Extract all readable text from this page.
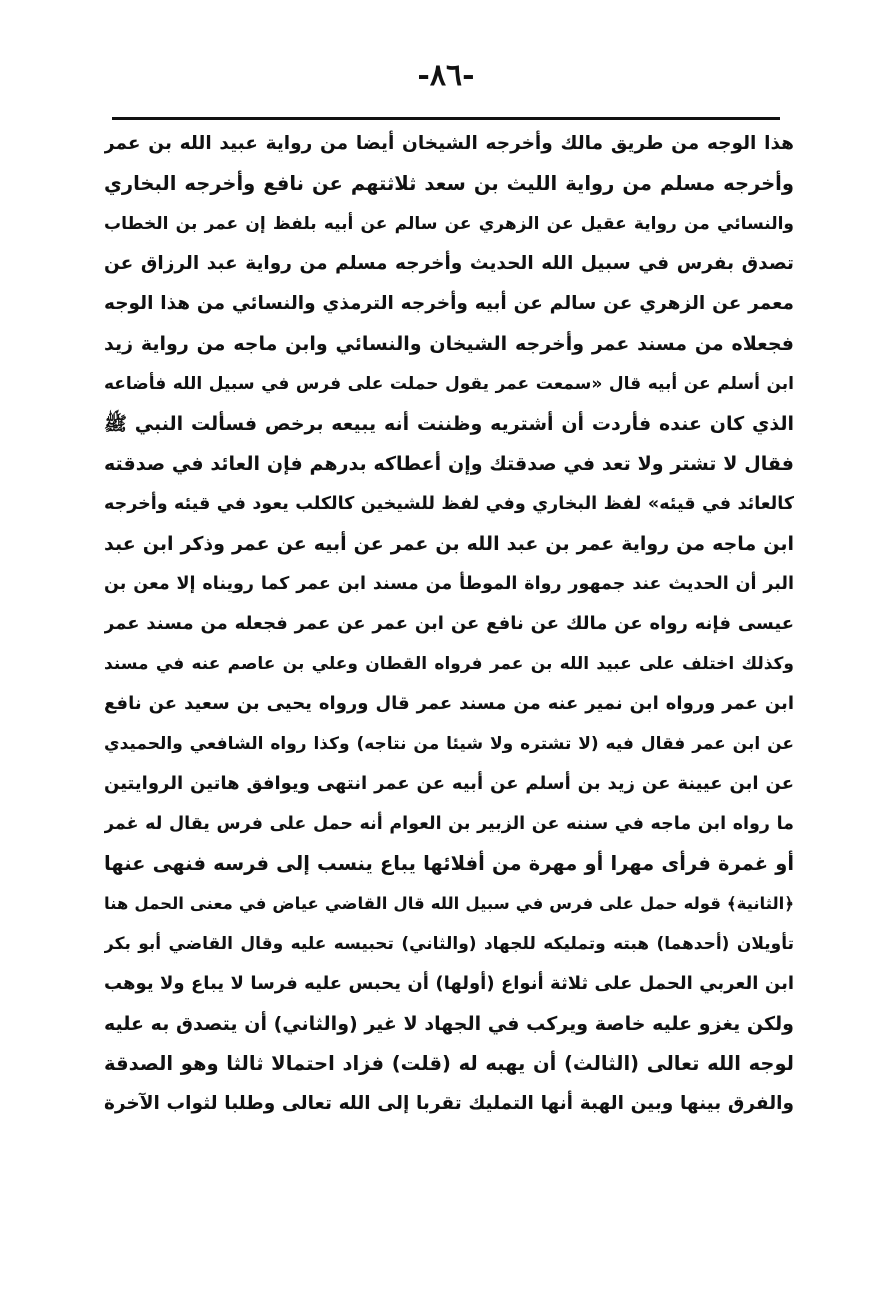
-٨٦-
هذا الوجه من طريق مالك وأخرجه الشيخان أيضا من رواية عبيد الله بن عمر
وأخرجه مسلم من رواية الليث بن سعد ثلاثتهم عن نافع وأخرجه البخاري
والنسائي من رواية عقيل عن الزهري عن سالم عن أبيه بلفظ إن عمر بن الخطاب
تصدق بفرس في سبيل الله الحديث وأخرجه مسلم من رواية عبد الرزاق عن
معمر عن الزهري عن سالم عن أبيه وأخرجه الترمذي والنسائي من هذا الوجه
فجعلاه من مسند عمر وأخرجه الشيخان والنسائي وابن ماجه من رواية زيد
ابن أسلم عن أبيه قال «سمعت عمر يقول حملت على فرس في سبيل الله فأضاعه
الذي كان عنده فأردت أن أشتريه وظننت أنه يبيعه برخص فسألت النبي ﷺ
فقال لا تشتر ولا تعد في صدقتك وإن أعطاكه بدرهم فإن العائد في صدقته
كالعائد في قيئه» لفظ البخاري وفي لفظ للشيخين كالكلب يعود في قيئه وأخرجه
ابن ماجه من رواية عمر بن عبد الله بن عمر عن أبيه عن عمر وذكر ابن عبد
البر أن الحديث عند جمهور رواة الموطأ من مسند ابن عمر كما رويناه إلا معن بن
عيسى فإنه رواه عن مالك عن نافع عن ابن عمر عن عمر فجعله من مسند عمر
وكذلك اختلف على عبيد الله بن عمر فرواه القطان وعلي بن عاصم عنه في مسند
ابن عمر ورواه ابن نمير عنه من مسند عمر قال ورواه يحيى بن سعيد عن نافع
عن ابن عمر فقال فيه (لا تشتره ولا شيئا من نتاجه) وكذا رواه الشافعي والحميدي
عن ابن عيينة عن زيد بن أسلم عن أبيه عن عمر انتهى ويوافق هاتين الروايتين
ما رواه ابن ماجه في سننه عن الزبير بن العوام أنه حمل على فرس يقال له غمر
أو غمرة فرأى مهرا أو مهرة من أفلائها يباع ينسب إلى فرسه فنهى عنها
﴿الثانية﴾ قوله حمل على فرس في سبيل الله قال القاضي عياض في معنى الحمل هنا
تأويلان (أحدهما) هبته وتمليكه للجهاد (والثاني) تحبيسه عليه وقال القاضي أبو بكر
ابن العربي الحمل على ثلاثة أنواع (أولها) أن يحبس عليه فرسا لا يباع ولا يوهب
ولكن يغزو عليه خاصة ويركب في الجهاد لا غير (والثاني) أن يتصدق به عليه
لوجه الله تعالى (الثالث) أن يهبه له (قلت) فزاد احتمالا ثالثا وهو الصدقة
والفرق بينها وبين الهبة أنها التمليك تقربا إلى الله تعالى وطلبا لثواب الآخرة
